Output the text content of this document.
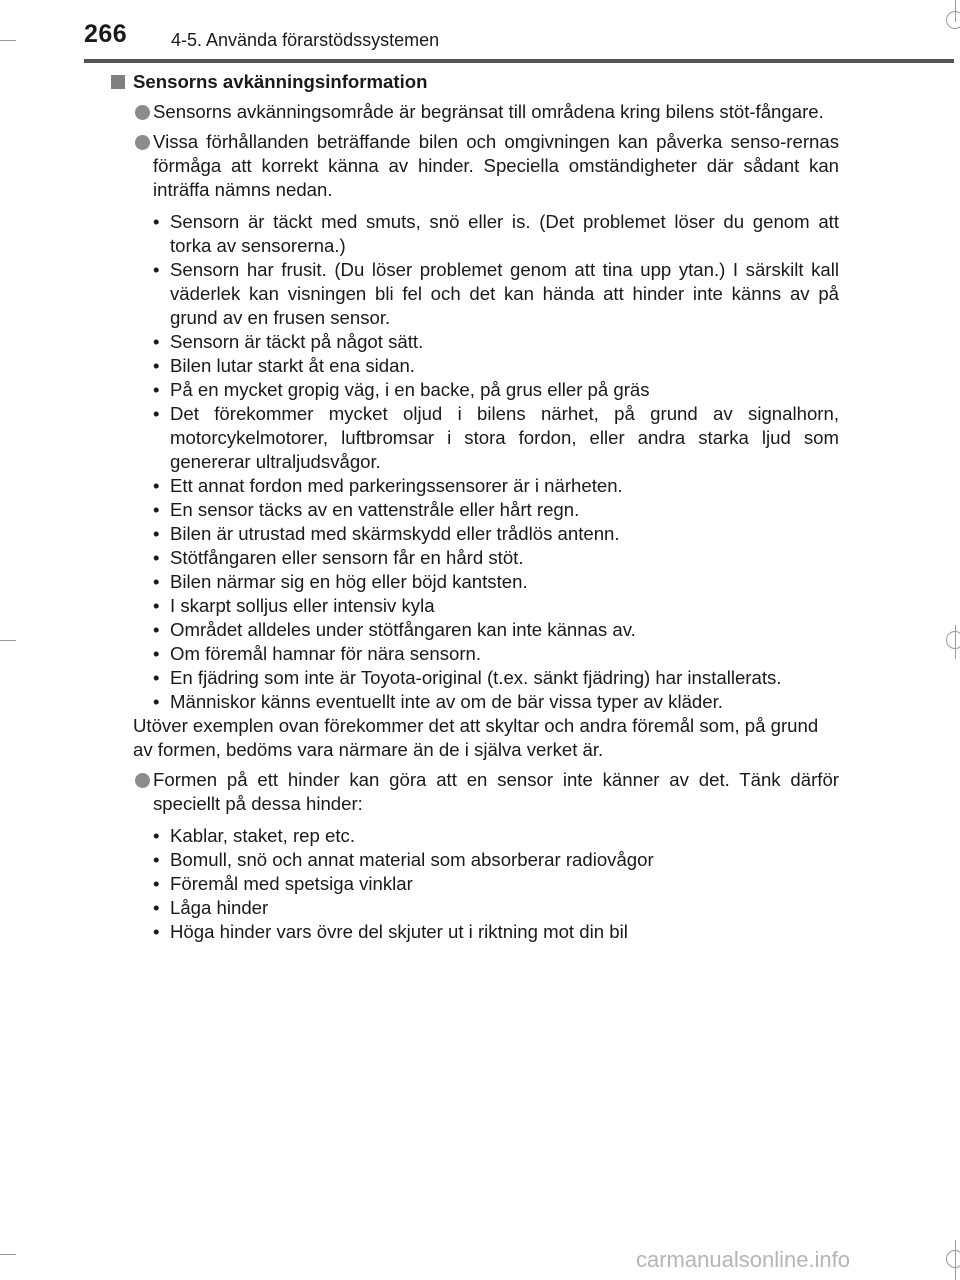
266 4-5. Använda förarstödssystemen
Sensorns avkänningsinformation
Sensorns avkänningsområde är begränsat till områdena kring bilens stöt-fångare.
Vissa förhållanden beträffande bilen och omgivningen kan påverka senso-rernas förmåga att korrekt känna av hinder. Speciella omständigheter där sådant kan inträffa nämns nedan.
• Sensorn är täckt med smuts, snö eller is. (Det problemet löser du genom att torka av sensorerna.)
• Sensorn har frusit. (Du löser problemet genom att tina upp ytan.) I särskilt kall väderlek kan visningen bli fel och det kan hända att hinder inte känns av på grund av en frusen sensor.
• Sensorn är täckt på något sätt.
• Bilen lutar starkt åt ena sidan.
• På en mycket gropig väg, i en backe, på grus eller på gräs
• Det förekommer mycket oljud i bilens närhet, på grund av signalhorn, motorcykelmotorer, luftbromsar i stora fordon, eller andra starka ljud som genererar ultraljudsvågor.
• Ett annat fordon med parkeringssensorer är i närheten.
• En sensor täcks av en vattenstråle eller hårt regn.
• Bilen är utrustad med skärmskydd eller trådlös antenn.
• Stötfångaren eller sensorn får en hård stöt.
• Bilen närmar sig en hög eller böjd kantsten.
• I skarpt solljus eller intensiv kyla
• Området alldeles under stötfångaren kan inte kännas av.
• Om föremål hamnar för nära sensorn.
• En fjädring som inte är Toyota-original (t.ex. sänkt fjädring) har installerats.
• Människor känns eventuellt inte av om de bär vissa typer av kläder.
Utöver exemplen ovan förekommer det att skyltar och andra föremål som, på grund av formen, bedöms vara närmare än de i själva verket är.
Formen på ett hinder kan göra att en sensor inte känner av det. Tänk därför speciellt på dessa hinder:
• Kablar, staket, rep etc.
• Bomull, snö och annat material som absorberar radiovågor
• Föremål med spetsiga vinklar
• Låga hinder
• Höga hinder vars övre del skjuter ut i riktning mot din bil
carmanualsonline.info
